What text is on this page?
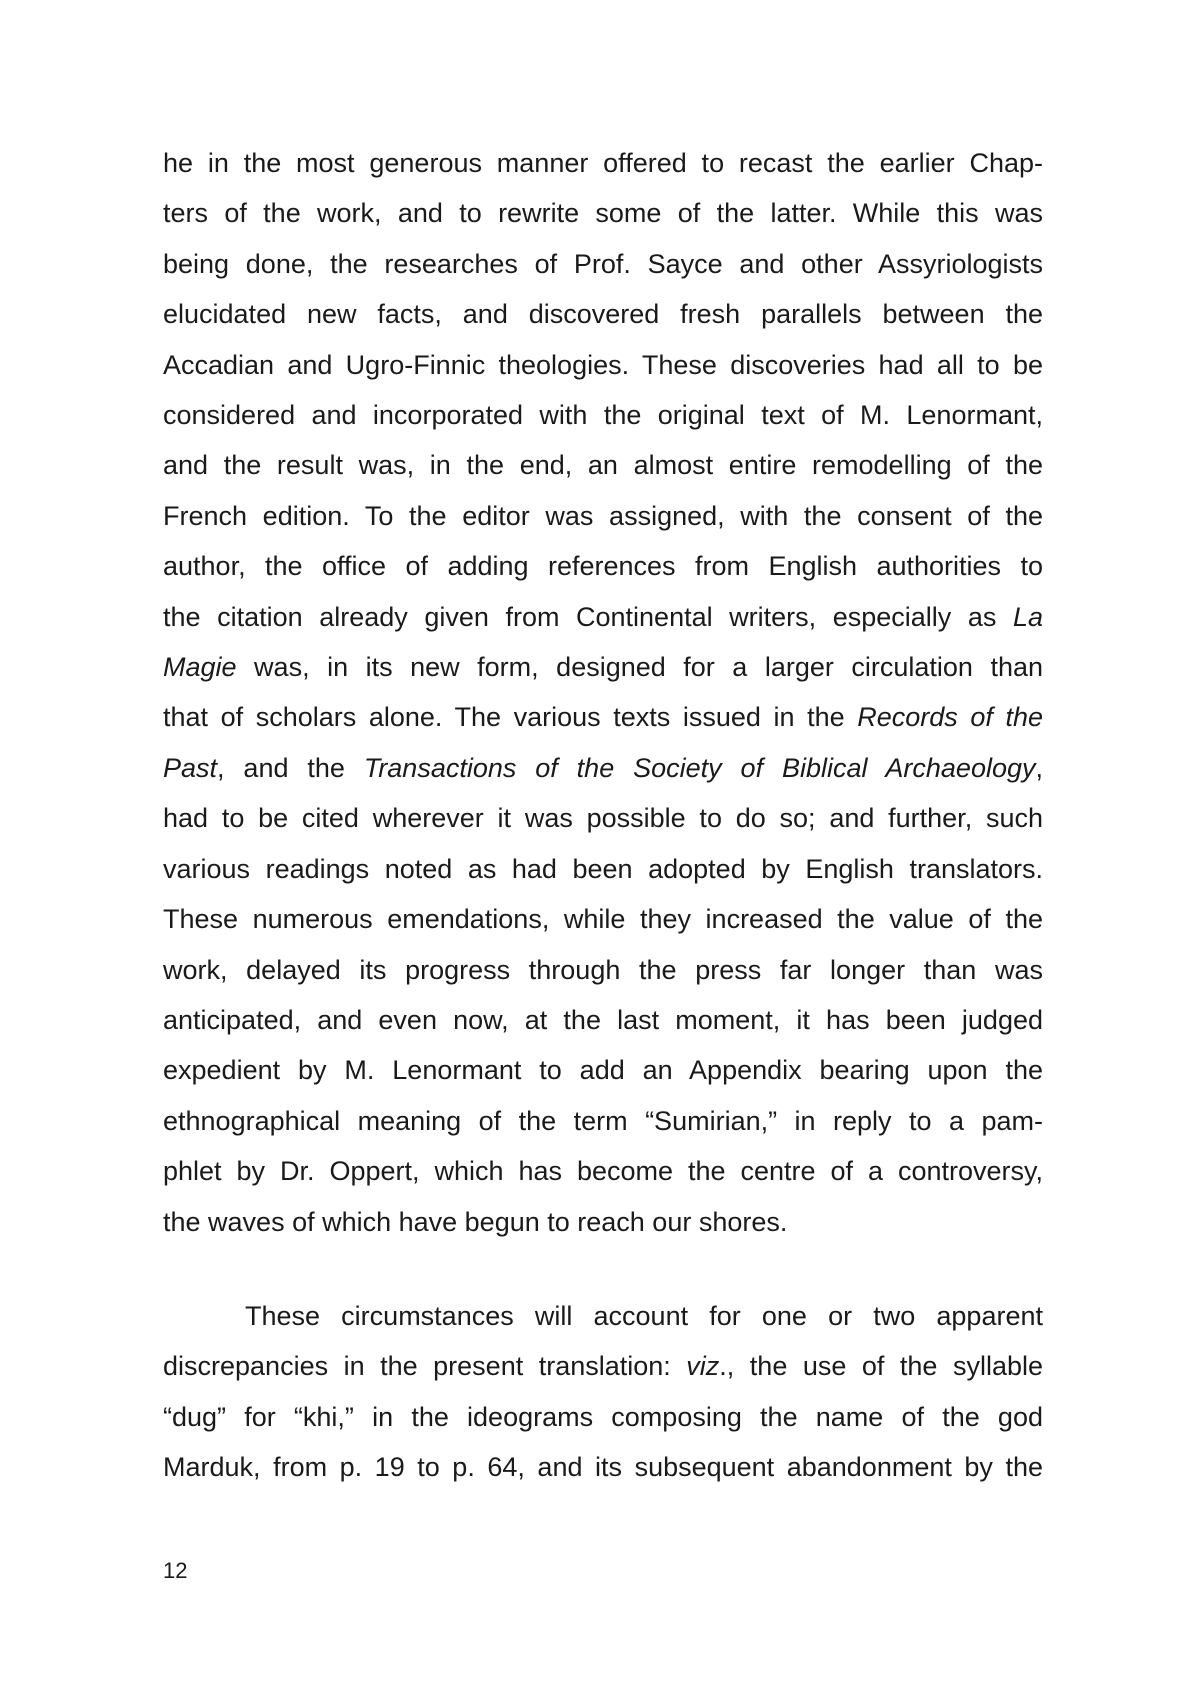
he in the most generous manner offered to recast the earlier Chap-
ters of the work, and to rewrite some of the latter. While this was
being done, the researches of Prof. Sayce and other Assyriologists
elucidated new facts, and discovered fresh parallels between the
Accadian and Ugro-Finnic theologies. These discoveries had all to be
considered and incorporated with the original text of M. Lenormant,
and the result was, in the end, an almost entire remodelling of the
French edition. To the editor was assigned, with the consent of the
author, the office of adding references from English authorities to
the citation already given from Continental writers, especially as La
Magie was, in its new form, designed for a larger circulation than
that of scholars alone. The various texts issued in the Records of the
Past, and the Transactions of the Society of Biblical Archaeology,
had to be cited wherever it was possible to do so; and further, such
various readings noted as had been adopted by English translators.
These numerous emendations, while they increased the value of the
work, delayed its progress through the press far longer than was
anticipated, and even now, at the last moment, it has been judged
expedient by M. Lenormant to add an Appendix bearing upon the
ethnographical meaning of the term “Sumirian,” in reply to a pam-
phlet by Dr. Oppert, which has become the centre of a controversy,
the waves of which have begun to reach our shores.
These circumstances will account for one or two apparent
discrepancies in the present translation: viz., the use of the syllable
“dug” for “khi,” in the ideograms composing the name of the god
Marduk, from p. 19 to p. 64, and its subsequent abandonment by the
12
